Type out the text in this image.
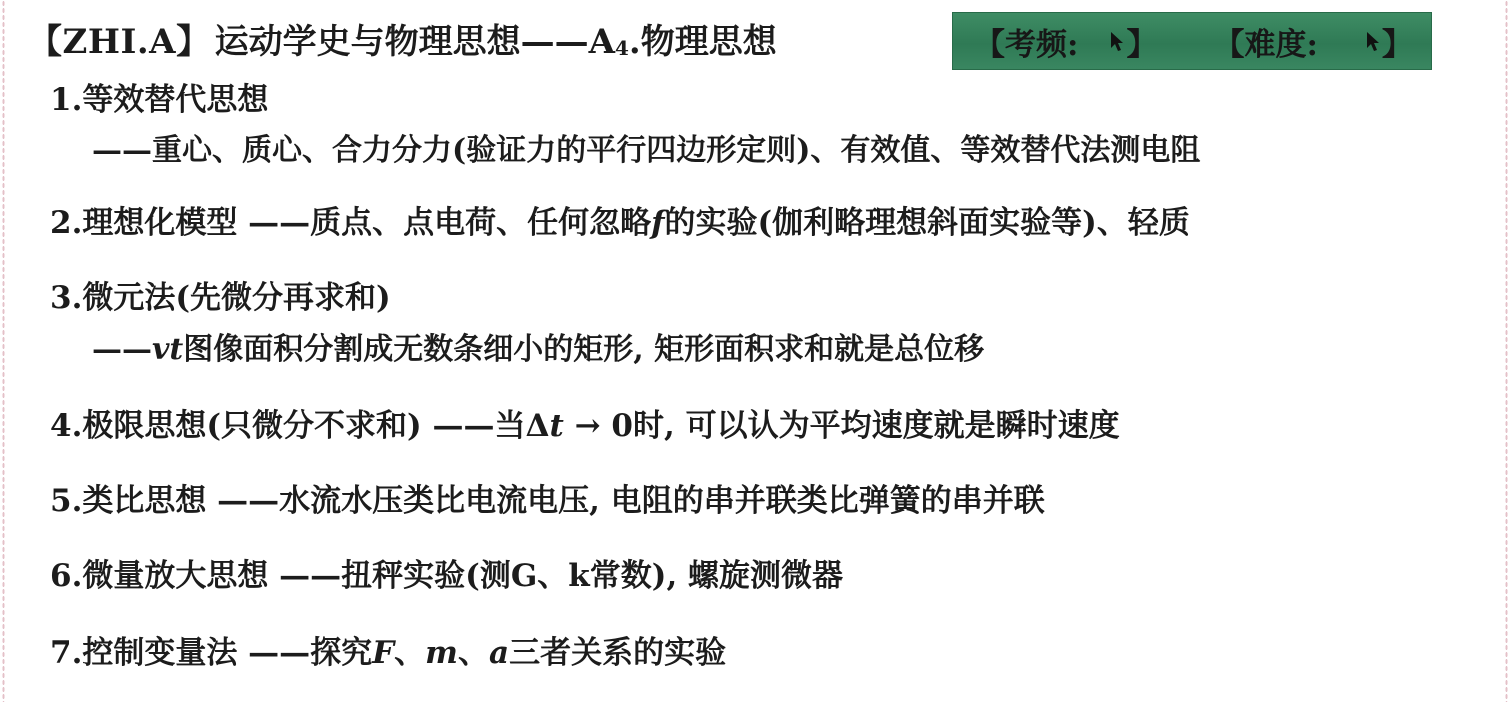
【ZHI.A】 运动学史与物理思想——A 4 .物理思想	【考频: 】 【难度: 】
1.等效替代思想
——重心、质心、合力分力(验证力的平行四边形定则)、有效值、等效替代法测电阻
2.理想化模型 ——质点、点电荷、任何忽略f的实验(伽利略理想斜面实验等)、轻质
3.微元法(先微分再求和)
——vt图像面积分割成无数条细小的矩形, 矩形面积求和就是总位移
4.极限思想(只微分不求和) ——当Δt → 0时, 可以认为平均速度就是瞬时速度
5.类比思想 ——水流水压类比电流电压, 电阻的串并联类比弹簧的串并联
6.微量放大思想 ——扭秤实验(测G、k常数), 螺旋测微器
7.控制变量法 ——探究F、m、a三者关系的实验
